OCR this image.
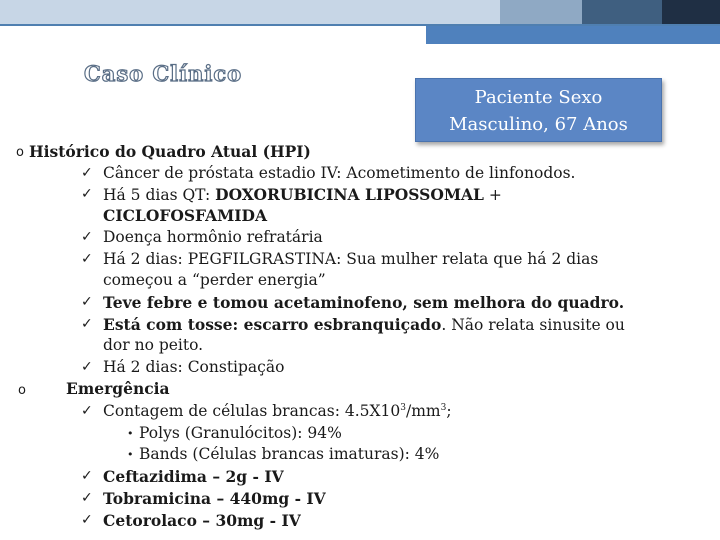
Caso Clínico
Paciente Sexo
Masculino, 67 Anos
o Histórico do Quadro Atual (HPI)
✓ Câncer de próstata estadio IV: Acometimento de linfonodos.
✓ Há 5 dias QT: DOXORUBICINA LIPOSSOMAL +
CICLOFOSFAMIDA
✓ Doença hormônio refratária
✓ Há 2 dias: PEGFILGRASTINA: Sua mulher relata que há 2 dias
começou a “perder energia”
✓ Teve febre e tomou acetaminofeno, sem melhora do quadro.
✓ Está com tosse: escarro esbranquiçado. Não relata sinusite ou
dor no peito.
✓ Há 2 dias: Constipação
o	Emergência
✓ Contagem de células brancas: $4.5X10^3/mm^3$;
• Polys (Granulócitos): 94%
• Bands (Células brancas imaturas): 4%
✓ Ceftazidima – 2g - IV
✓ Tobramicina – 440mg - IV
✓ Cetorolaco – 30mg - IV
